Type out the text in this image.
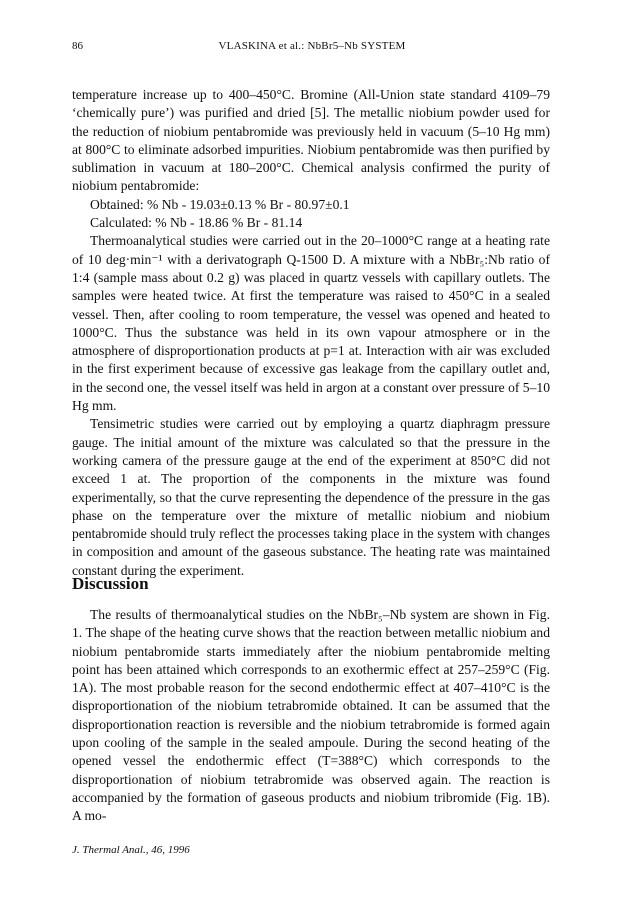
86	VLASKINA et al.: NbBr5–Nb SYSTEM

temperature increase up to 400–450°C. Bromine (All-Union state standard 4109–79 ‘chemically pure’) was purified and dried [5]. The metallic niobium powder used for the reduction of niobium pentabromide was previously held in vacuum (5–10 Hg mm) at 800°C to eliminate adsorbed impurities. Niobium pentabromide was then purified by sublimation in vacuum at 180–200°C. Chemical analysis confirmed the purity of niobium pentabromide:

Obtained: % Nb - 19.03±0.13 % Br - 80.97±0.1

Calculated: % Nb - 18.86 % Br - 81.14

Thermoanalytical studies were carried out in the 20–1000°C range at a heating rate of 10 deg·min⁻¹ with a derivatograph Q-1500 D. A mixture with a NbBr₅:Nb ratio of 1:4 (sample mass about 0.2 g) was placed in quartz vessels with capillary outlets. The samples were heated twice. At first the temperature was raised to 450°C in a sealed vessel. Then, after cooling to room temperature, the vessel was opened and heated to 1000°C. Thus the substance was held in its own vapour atmosphere or in the atmosphere of disproportionation products at p=1 at. Interaction with air was excluded in the first experiment because of excessive gas leakage from the capillary outlet and, in the second one, the vessel itself was held in argon at a constant over pressure of 5–10 Hg mm.

Tensimetric studies were carried out by employing a quartz diaphragm pressure gauge. The initial amount of the mixture was calculated so that the pressure in the working camera of the pressure gauge at the end of the experiment at 850°C did not exceed 1 at. The proportion of the components in the mixture was found experimentally, so that the curve representing the dependence of the pressure in the gas phase on the temperature over the mixture of metallic niobium and niobium pentabromide should truly reflect the processes taking place in the system with changes in composition and amount of the gaseous substance. The heating rate was maintained constant during the experiment.

Discussion

The results of thermoanalytical studies on the NbBr₅–Nb system are shown in Fig. 1. The shape of the heating curve shows that the reaction between metallic niobium and niobium pentabromide starts immediately after the niobium pentabromide melting point has been attained which corresponds to an exothermic effect at 257–259°C (Fig. 1A). The most probable reason for the second endothermic effect at 407–410°C is the disproportionation of the niobium tetrabromide obtained. It can be assumed that the disproportionation reaction is reversible and the niobium tetrabromide is formed again upon cooling of the sample in the sealed ampoule. During the second heating of the opened vessel the endothermic effect (T=388°C) which corresponds to the disproportionation of niobium tetrabromide was observed again. The reaction is accompanied by the formation of gaseous products and niobium tribromide (Fig. 1B). A mo-

J. Thermal Anal., 46, 1996
